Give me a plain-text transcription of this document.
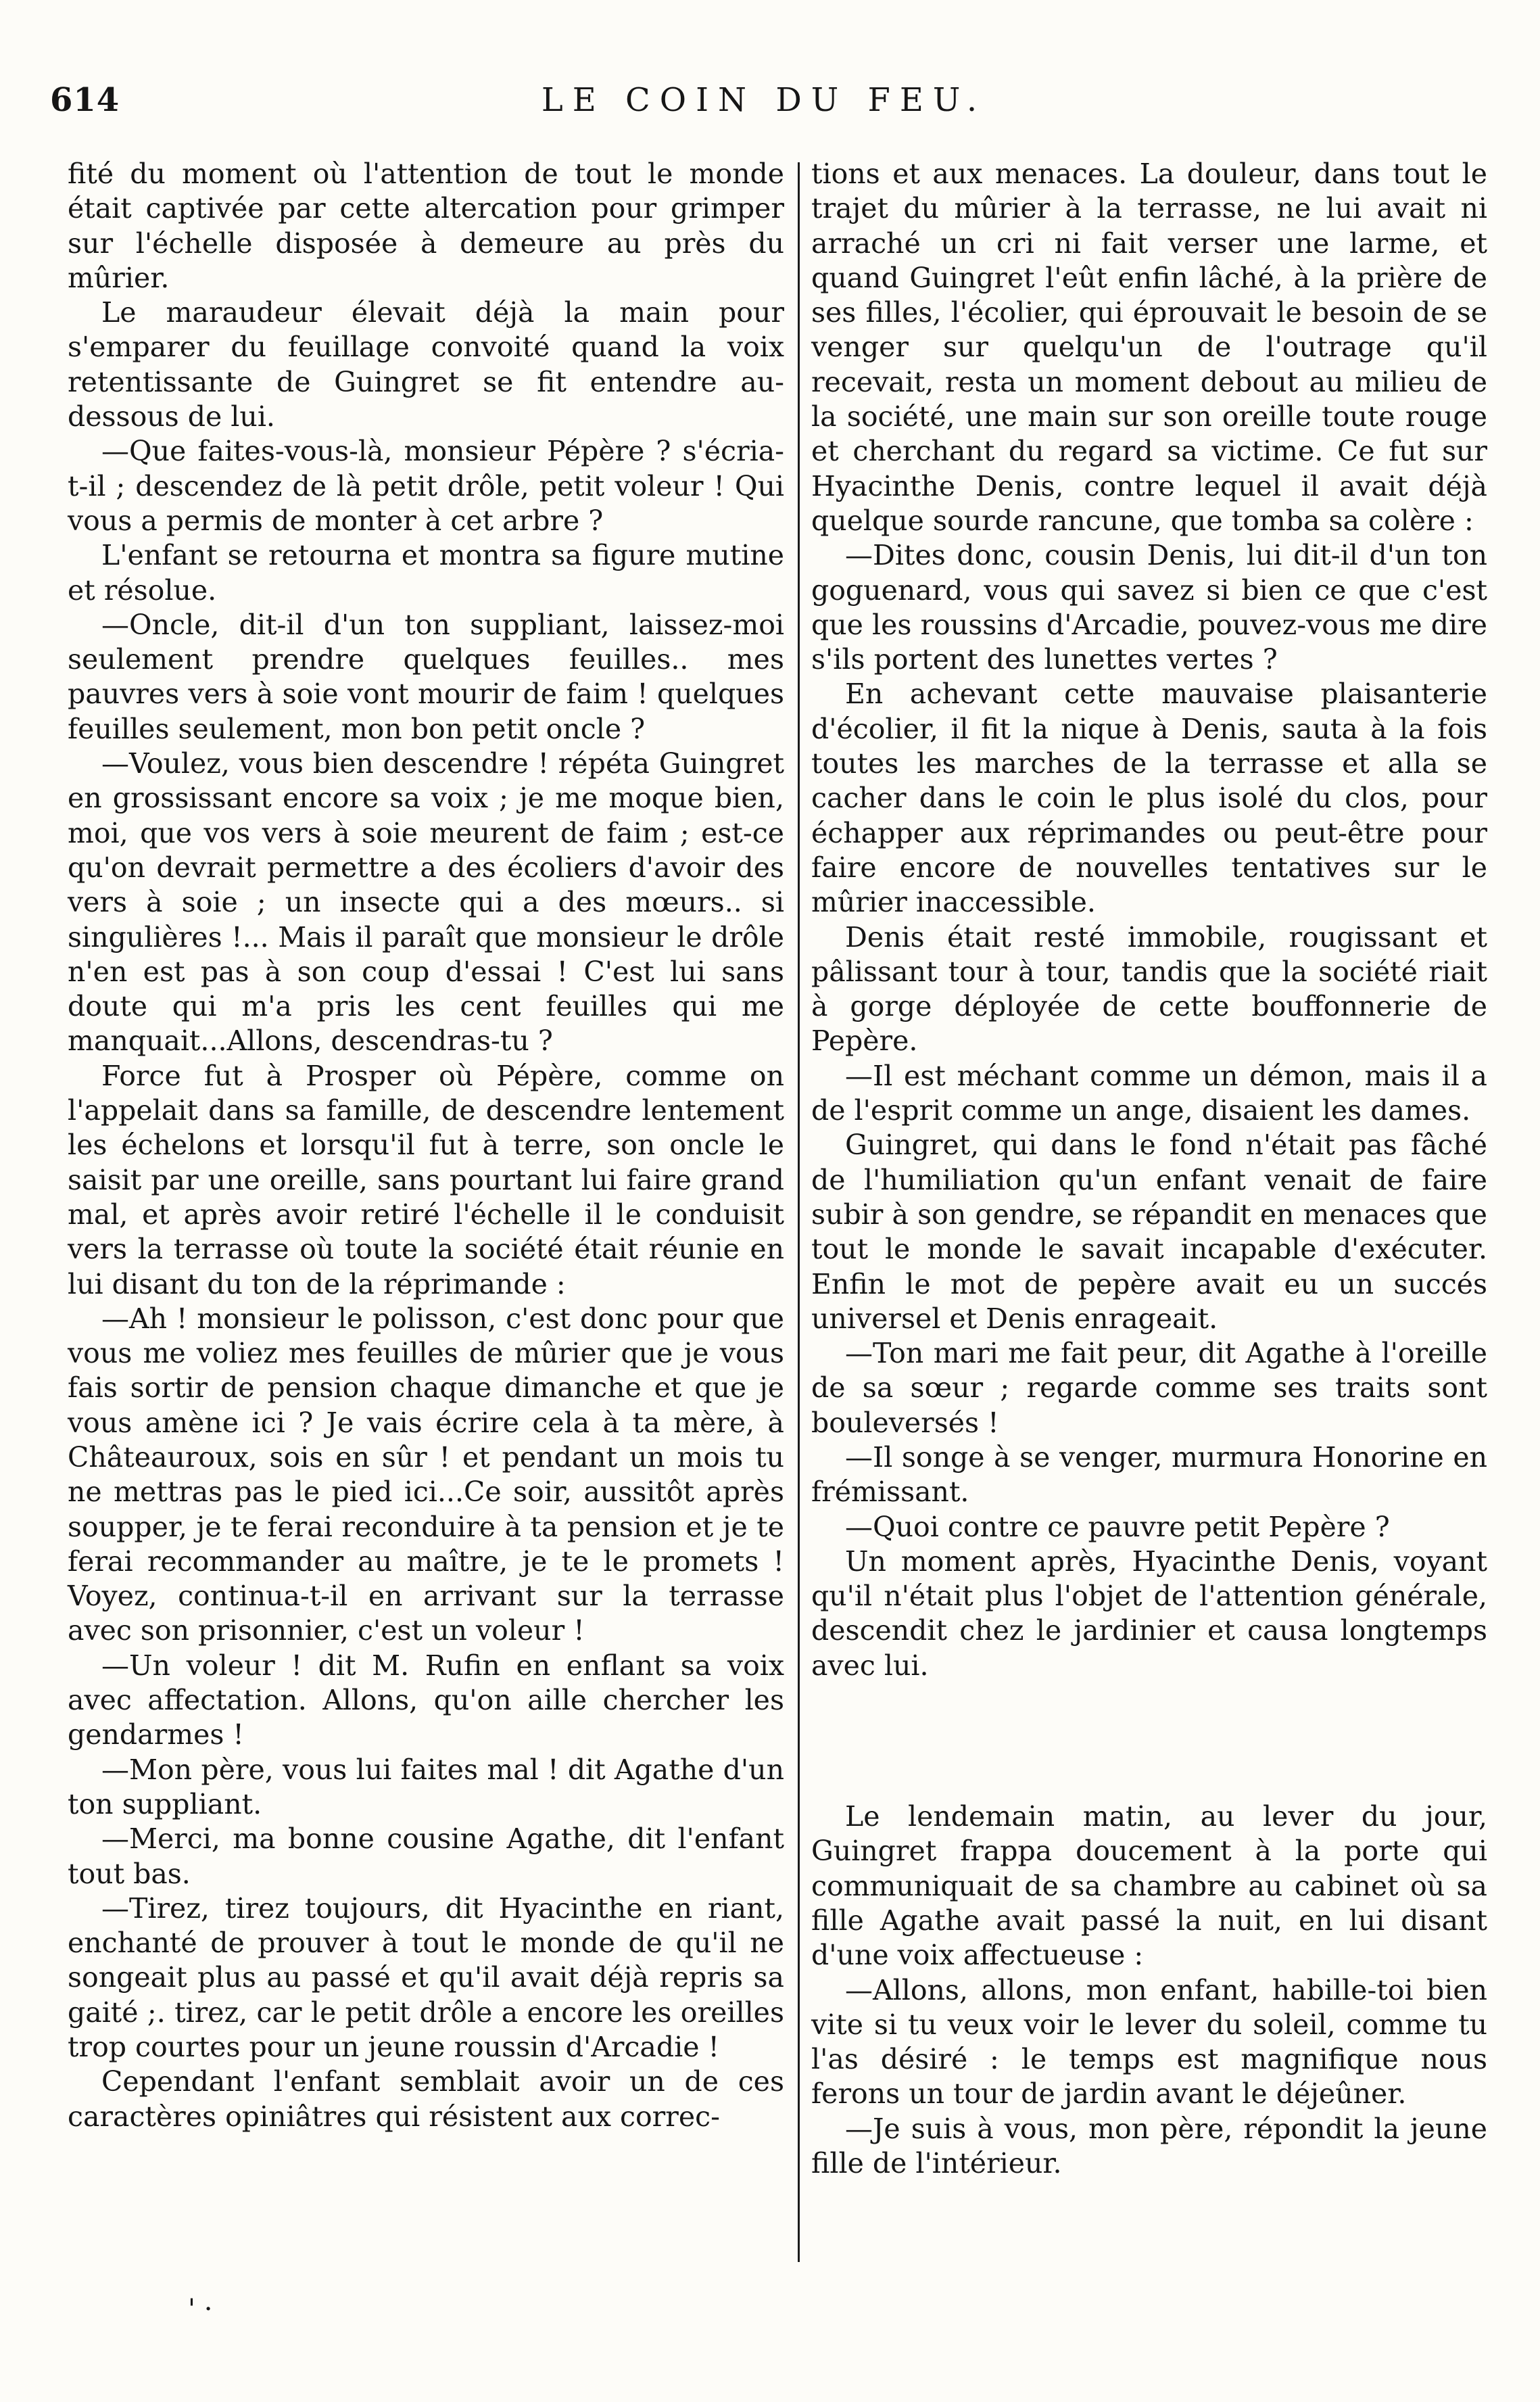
614	LE COIN DU FEU.

fité du moment où l'attention de tout le monde était captivée par cette altercation pour grimper sur l'échelle disposée à demeure au près du mûrier.

Le maraudeur élevait déjà la main pour s'emparer du feuillage convoité quand la voix retentissante de Guingret se fit entendre au-dessous de lui.

—Que faites-vous-là, monsieur Pépère ? s'écria-t-il ; descendez de là petit drôle, petit voleur ! Qui vous a permis de monter à cet arbre ?

L'enfant se retourna et montra sa figure mutine et résolue.

—Oncle, dit-il d'un ton suppliant, laissez-moi seulement prendre quelques feuilles.. mes pauvres vers à soie vont mourir de faim ! quelques feuilles seulement, mon bon petit oncle ?

—Voulez, vous bien descendre ! répéta Guingret en grossissant encore sa voix ; je me moque bien, moi, que vos vers à soie meurent de faim ; est-ce qu'on devrait permettre a des écoliers d'avoir des vers à soie ; un insecte qui a des mœurs.. si singulières !... Mais il paraît que monsieur le drôle n'en est pas à son coup d'essai ! C'est lui sans doute qui m'a pris les cent feuilles qui me manquait...Allons, descendras-tu ?

Force fut à Prosper où Pépère, comme on l'appelait dans sa famille, de descendre lentement les échelons et lorsqu'il fut à terre, son oncle le saisit par une oreille, sans pourtant lui faire grand mal, et après avoir retiré l'échelle il le conduisit vers la terrasse où toute la société était réunie en lui disant du ton de la réprimande :

—Ah ! monsieur le polisson, c'est donc pour que vous me voliez mes feuilles de mûrier que je vous fais sortir de pension chaque dimanche et que je vous amène ici ? Je vais écrire cela à ta mère, à Châteauroux, sois en sûr ! et pendant un mois tu ne mettras pas le pied ici...Ce soir, aussitôt après soupper, je te ferai reconduire à ta pension et je te ferai recommander au maître, je te le promets ! Voyez, continua-t-il en arrivant sur la terrasse avec son prisonnier, c'est un voleur !

—Un voleur ! dit M. Rufin en enflant sa voix avec affectation. Allons, qu'on aille chercher les gendarmes !

—Mon père, vous lui faites mal ! dit Agathe d'un ton suppliant.

—Merci, ma bonne cousine Agathe, dit l'enfant tout bas.

—Tirez, tirez toujours, dit Hyacinthe en riant, enchanté de prouver à tout le monde de qu'il ne songeait plus au passé et qu'il avait déjà repris sa gaité ;. tirez, car le petit drôle a encore les oreilles trop courtes pour un jeune roussin d'Arcadie !

Cependant l'enfant semblait avoir un de ces caractères opiniâtres qui résistent aux correc-

tions et aux menaces. La douleur, dans tout le trajet du mûrier à la terrasse, ne lui avait ni arraché un cri ni fait verser une larme, et quand Guingret l'eût enfin lâché, à la prière de ses filles, l'écolier, qui éprouvait le besoin de se venger sur quelqu'un de l'outrage qu'il recevait, resta un moment debout au milieu de la société, une main sur son oreille toute rouge et cherchant du regard sa victime. Ce fut sur Hyacinthe Denis, contre lequel il avait déjà quelque sourde rancune, que tomba sa colère :

—Dites donc, cousin Denis, lui dit-il d'un ton goguenard, vous qui savez si bien ce que c'est que les roussins d'Arcadie, pouvez-vous me dire s'ils portent des lunettes vertes ?

En achevant cette mauvaise plaisanterie d'écolier, il fit la nique à Denis, sauta à la fois toutes les marches de la terrasse et alla se cacher dans le coin le plus isolé du clos, pour échapper aux réprimandes ou peut-être pour faire encore de nouvelles tentatives sur le mûrier inaccessible.

Denis était resté immobile, rougissant et pâlissant tour à tour, tandis que la société riait à gorge déployée de cette bouffonnerie de Pepère.

—Il est méchant comme un démon, mais il a de l'esprit comme un ange, disaient les dames.

Guingret, qui dans le fond n'était pas fâché de l'humiliation qu'un enfant venait de faire subir à son gendre, se répandit en menaces que tout le monde le savait incapable d'exécuter. Enfin le mot de pepère avait eu un succés universel et Denis enrageait.

—Ton mari me fait peur, dit Agathe à l'oreille de sa sœur ; regarde comme ses traits sont bouleversés !

—Il songe à se venger, murmura Honorine en frémissant.

—Quoi contre ce pauvre petit Pepère ?

Un moment après, Hyacinthe Denis, voyant qu'il n'était plus l'objet de l'attention générale, descendit chez le jardinier et causa longtemps avec lui.

Le lendemain matin, au lever du jour, Guingret frappa doucement à la porte qui communiquait de sa chambre au cabinet où sa fille Agathe avait passé la nuit, en lui disant d'une voix affectueuse :

—Allons, allons, mon enfant, habille-toi bien vite si tu veux voir le lever du soleil, comme tu l'as désiré : le temps est magnifique nous ferons un tour de jardin avant le déjeûner.

—Je suis à vous, mon père, répondit la jeune fille de l'intérieur.

' ·
